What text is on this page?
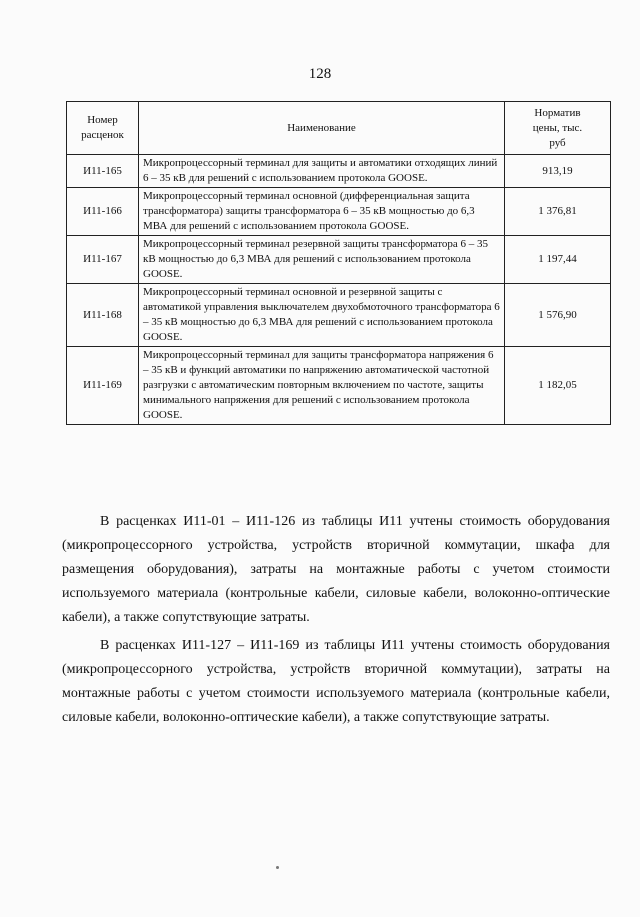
128
Номер
расценок	Наименование	Норматив
цены, тыс.
руб

И11-165	Микропроцессорный терминал для защиты и автоматики отходящих линий 6 – 35 кВ для решений с использованием протокола GOOSE.	913,19
И11-166	Микропроцессорный терминал основной (дифференциальная защита трансформатора) защиты трансформатора 6 – 35 кВ мощностью до 6,3 МВА для решений с использованием протокола GOOSE.	1 376,81
И11-167	Микропроцессорный терминал резервной защиты трансформатора 6 – 35 кВ мощностью до 6,3 МВА для решений с использованием протокола GOOSE.	1 197,44
И11-168	Микропроцессорный терминал основной и резервной защиты с автоматикой управления выключателем двухобмоточного трансформатора 6 – 35 кВ мощностью до 6,3 МВА для решений с использованием протокола GOOSE.	1 576,90
И11-169	Микропроцессорный терминал для защиты трансформатора напряжения 6 – 35 кВ и функций автоматики по напряжению автоматической частотной разгрузки с автоматическим повторным включением по частоте, защиты минимального напряжения для решений с использованием протокола GOOSE.	1 182,05

В расценках И11-01 – И11-126 из таблицы И11 учтены стоимость оборудования (микропроцессорного устройства, устройств вторичной коммутации, шкафа для размещения оборудования), затраты на монтажные работы с учетом стоимости используемого материала (контрольные кабели, силовые кабели, волоконно-оптические кабели), а также сопутствующие затраты.

В расценках И11-127 – И11-169 из таблицы И11 учтены стоимость оборудования (микропроцессорного устройства, устройств вторичной коммутации), затраты на монтажные работы с учетом стоимости используемого материала (контрольные кабели, силовые кабели, волоконно-оптические кабели), а также сопутствующие затраты.
